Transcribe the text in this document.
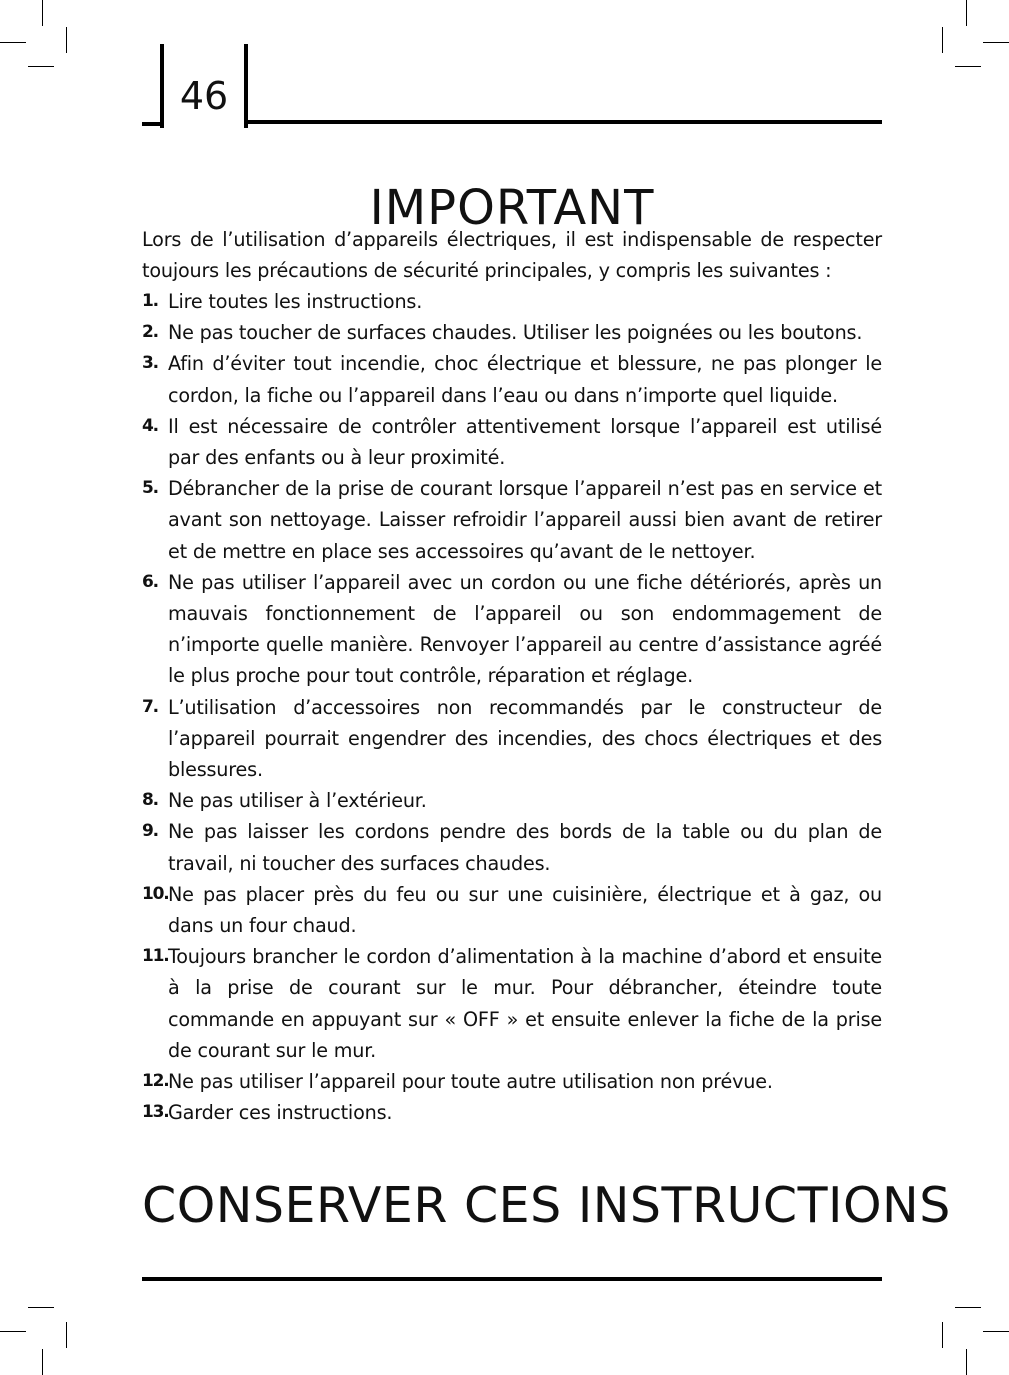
46
IMPORTANT

Lors de l’utilisation d’appareils électriques, il est indispensable de respecter toujours les précautions de sécurité principales, y compris les suivantes :

1. Lire toutes les instructions.
2. Ne pas toucher de surfaces chaudes. Utiliser les poignées ou les boutons.
3. Afin d’éviter tout incendie, choc électrique et blessure, ne pas plonger le cordon, la fiche ou l’appareil dans l’eau ou dans n’importe quel liquide.
4. Il est nécessaire de contrôler attentivement lorsque l’appareil est utilisé par des enfants ou à leur proximité.
5. Débrancher de la prise de courant lorsque l’appareil n’est pas en service et avant son nettoyage. Laisser refroidir l’appareil aussi bien avant de retirer et de mettre en place ses accessoires qu’avant de le nettoyer.
6. Ne pas utiliser l’appareil avec un cordon ou une fiche détériorés, après un mauvais fonctionnement de l’appareil ou son endommagement de n’importe quelle manière. Renvoyer l’appareil au centre d’assistance agréé le plus proche pour tout contrôle, réparation et réglage.
7. L’utilisation d’accessoires non recommandés par le constructeur de l’appareil pourrait engendrer des incendies, des chocs électriques et des blessures.
8. Ne pas utiliser à l’extérieur.
9. Ne pas laisser les cordons pendre des bords de la table ou du plan de travail, ni toucher des surfaces chaudes.
10. Ne pas placer près du feu ou sur une cuisinière, électrique et à gaz, ou dans un four chaud.
11. Toujours brancher le cordon d’alimentation à la machine d’abord et ensuite à la prise de courant sur le mur. Pour débrancher, éteindre toute commande en appuyant sur « OFF » et ensuite enlever la fiche de la prise de courant sur le mur.
12. Ne pas utiliser l’appareil pour toute autre utilisation non prévue.
13. Garder ces instructions.
CONSERVER CES INSTRUCTIONS
